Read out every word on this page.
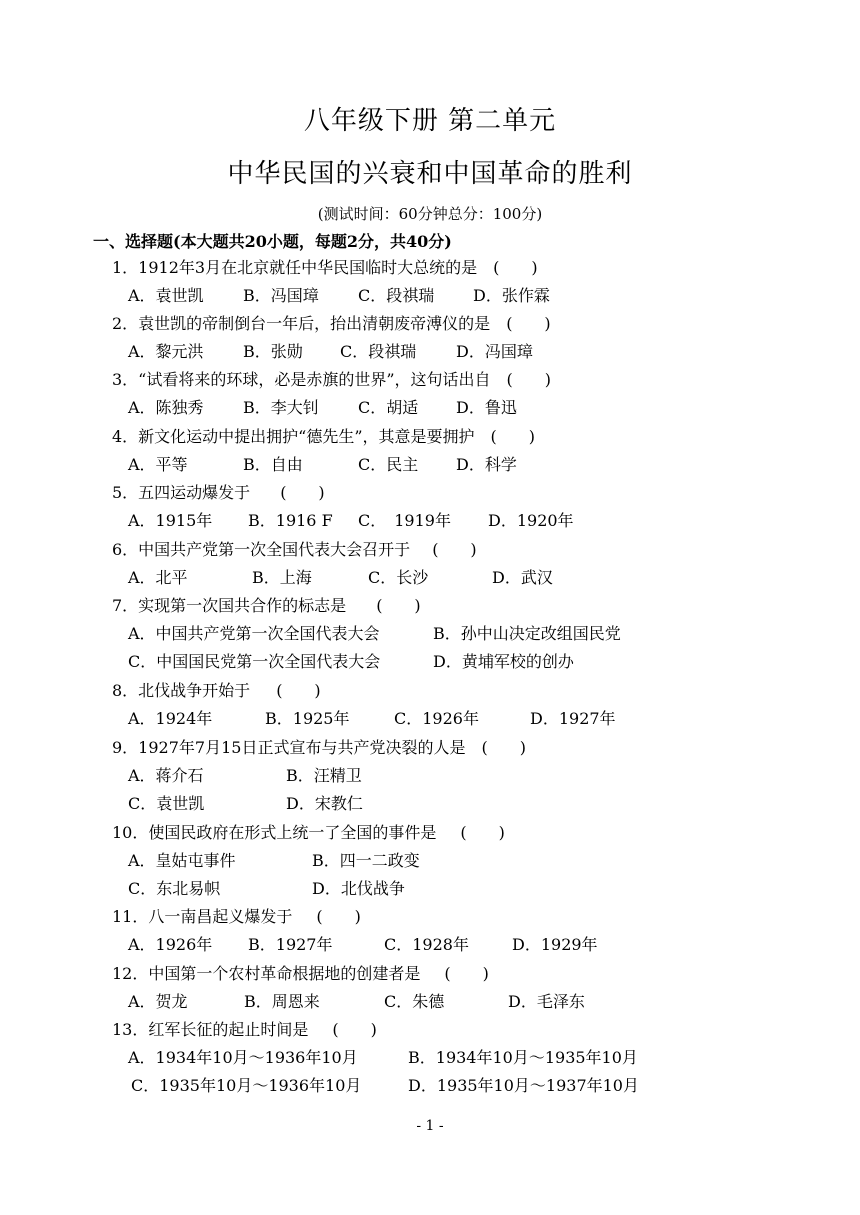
八年级下册 第二单元
中华民国的兴衰和中国革命的胜利
(测试时间：60分钟总分：100分)
一、选择题(本大题共20小题，每题2分，共40分)
1．1912年3月在北京就任中华民国临时大总统的是 (　　)
A．袁世凯 B．冯国璋 C．段祺瑞 D．张作霖
2．袁世凯的帝制倒台一年后，抬出清朝废帝溥仪的是 (　　)
A．黎元洪 B．张勋 C．段祺瑞 D．冯国璋
3．“试看将来的环球，必是赤旗的世界”，这句话出自 (　　)
A．陈独秀 B．李大钊 C．胡适 D．鲁迅
4．新文化运动中提出拥护“德先生”，其意是要拥护 (　　)
A．平等	B．自由	C．民主 D．科学
5．五四运动爆发于 (　　)
A．1915年 B．1916 F C．　1919年 D．1920年
6．中国共产党第一次全国代表大会召开于 (　　)
A．北平	B．上海	C．长沙	D．武汉
7．实现第一次国共合作的标志是 (　　)
A．中国共产党第一次全国代表大会	B．孙中山决定改组国民党
C．中国国民党第一次全国代表大会	D．黄埔军校的创办
8．北伐战争开始于 (　　)
A．1924年	B．1925年	C．1926年	D．1927年
9．1927年7月15日正式宣布与共产党决裂的人是 (　　)
A．蒋介石	B．汪精卫
C．袁世凯	D．宋教仁
10．使国民政府在形式上统一了全国的事件是 (　　)
A．皇姑屯事件	B．四一二政变
C．东北易帜	D．北伐战争
11．八一南昌起义爆发于 (　　)
A．1926年 B．1927年	C．1928年	D．1929年
12．中国第一个农村革命根据地的创建者是 (　　)
A．贺龙	B．周恩来	C．朱德	D．毛泽东
13．红军长征的起止时间是 (　　)
A．1934年10月～1936年10月	B．1934年10月～1935年10月
C．1935年10月～1936年10月	D．1935年10月～1937年10月
- 1 -
